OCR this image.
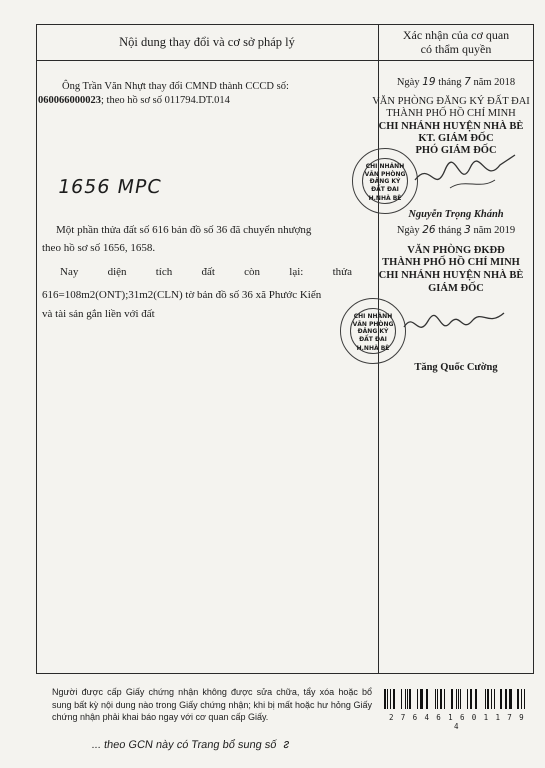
Nội dung thay đổi và cơ sở pháp lý	Xác nhận của cơ quan
có thẩm quyền
Ông Trần Văn Nhựt thay đổi CMND thành CCCD số:
060066000023; theo hồ sơ số 011794.DT.014
1656 MPC
Một phần thửa đất số 616 bản đồ số 36 đã chuyển nhượng
theo hồ sơ số 1656, 1658.
Nay	diện	tích	đất	còn	lại:	thửa
616=108m2(ONT);31m2(CLN) tờ bản đồ số 36 xã Phước Kiển
và tài sản gắn liền với đất
Ngày 19 tháng 7 năm 2018
VĂN PHÒNG ĐĂNG KÝ ĐẤT ĐAI
THÀNH PHỐ HỒ CHÍ MINH
CHI NHÁNH HUYỆN NHÀ BÈ
KT. GIÁM ĐỐC
PHÓ GIÁM ĐỐC
CHI NHÁNH VĂN PHÒNG ĐĂNG KÝ ĐẤT ĐAI
H.NHÀ BÈ
Nguyễn Trọng Khánh
Ngày 26 tháng 3 năm 2019
VĂN PHÒNG ĐKĐĐ
THÀNH PHỐ HỒ CHÍ MINH
CHI NHÁNH HUYỆN NHÀ BÈ
GIÁM ĐỐC
CHI NHÁNH VĂN PHÒNG ĐĂNG KÝ ĐẤT ĐAI
H.NHÀ BÈ
Tăng Quốc Cường
Người được cấp Giấy chứng nhận không được sửa chữa, tẩy xóa hoặc bổ sung bất kỳ nội dung nào trong Giấy chứng nhận; khi bị mất hoặc hư hỏng Giấy chứng nhận phải khai báo ngay với cơ quan cấp Giấy.	2 7 6 4 6 1 6 0 1 1 7 9 4
... theo GCN này có Trang bổ sung số ᴤ
